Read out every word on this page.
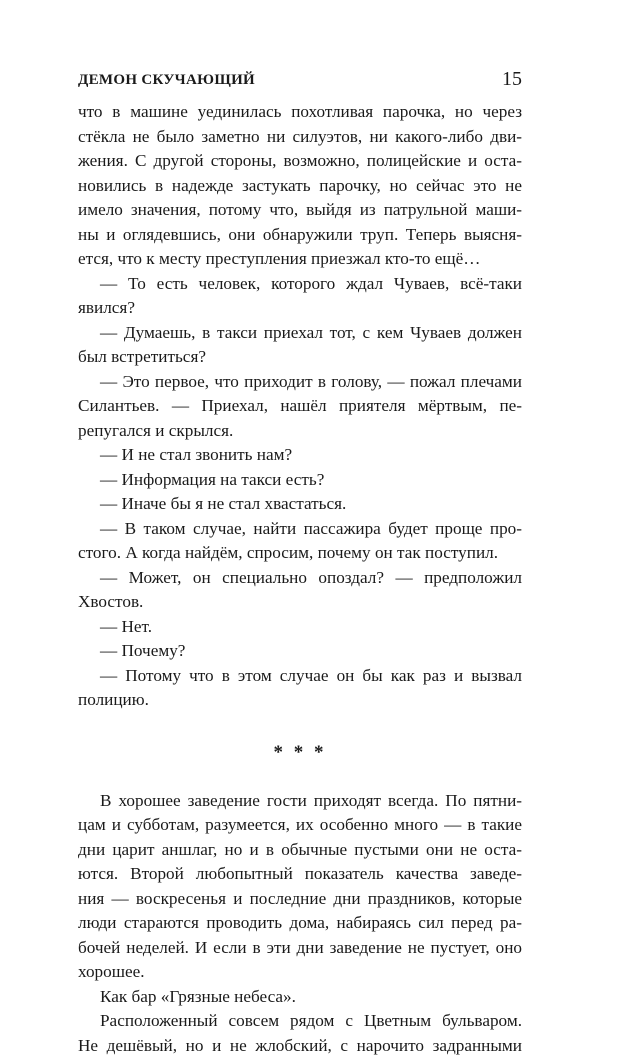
ДЕМОН СКУЧАЮЩИЙ	15
что в машине уединилась похотливая парочка, но через
стёкла не было заметно ни силуэтов, ни какого-либо дви-
жения. С другой стороны, возможно, полицейские и оста-
новились в надежде застукать парочку, но сейчас это не
имело значения, потому что, выйдя из патрульной маши-
ны и оглядевшись, они обнаружили труп. Теперь выясня-
ется, что к месту преступления приезжал кто-то ещё…
— То есть человек, которого ждал Чуваев, всё-таки
явился?
— Думаешь, в такси приехал тот, с кем Чуваев должен
был встретиться?
— Это первое, что приходит в голову, — пожал плечами
Силантьев. — Приехал, нашёл приятеля мёртвым, пе-
репугался и скрылся.
— И не стал звонить нам?
— Информация на такси есть?
— Иначе бы я не стал хвастаться.
— В таком случае, найти пассажира будет проще про-
стого. А когда найдём, спросим, почему он так поступил.
— Может, он специально опоздал? — предположил
Хвостов.
— Нет.
— Почему?
— Потому что в этом случае он бы как раз и вызвал
полицию.
* * *
В хорошее заведение гости приходят всегда. По пятни-
цам и субботам, разумеется, их особенно много — в такие
дни царит аншлаг, но и в обычные пустыми они не оста-
ются. Второй любопытный показатель качества заведе-
ния — воскресенья и последние дни праздников, которые
люди стараются проводить дома, набираясь сил перед ра-
бочей неделей. И если в эти дни заведение не пустует, оно
хорошее.
Как бар «Грязные небеса».
Расположенный совсем рядом с Цветным бульваром.
Не дешёвый, но и не жлобский, с нарочито задранными
